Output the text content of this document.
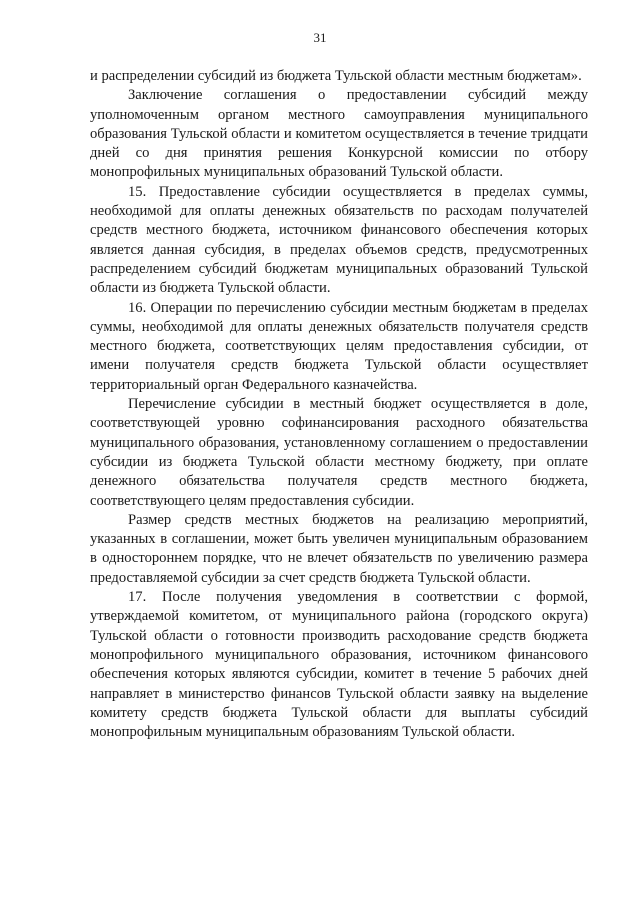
31

и распределении субсидий из бюджета Тульской области местным бюджетам».

Заключение соглашения о предоставлении субсидий между уполномоченным органом местного самоуправления муниципального образования Тульской области и комитетом осуществляется в течение тридцати дней со дня принятия решения Конкурсной комиссии по отбору монопрофильных муниципальных образований Тульской области.

15. Предоставление субсидии осуществляется в пределах суммы, необходимой для оплаты денежных обязательств по расходам получателей средств местного бюджета, источником финансового обеспечения которых является данная субсидия, в пределах объемов средств, предусмотренных распределением субсидий бюджетам муниципальных образований Тульской области из бюджета Тульской области.

16. Операции по перечислению субсидии местным бюджетам в пределах суммы, необходимой для оплаты денежных обязательств получателя средств местного бюджета, соответствующих целям предоставления субсидии, от имени получателя средств бюджета Тульской области осуществляет территориальный орган Федерального казначейства.

Перечисление субсидии в местный бюджет осуществляется в доле, соответствующей уровню софинансирования расходного обязательства муниципального образования, установленному соглашением о предоставлении субсидии из бюджета Тульской области местному бюджету, при оплате денежного обязательства получателя средств местного бюджета, соответствующего целям предоставления субсидии.

Размер средств местных бюджетов на реализацию мероприятий, указанных в соглашении, может быть увеличен муниципальным образованием в одностороннем порядке, что не влечет обязательств по увеличению размера предоставляемой субсидии за счет средств бюджета Тульской области.

17. После получения уведомления в соответствии с формой, утверждаемой комитетом, от муниципального района (городского округа) Тульской области о готовности производить расходование средств бюджета монопрофильного муниципального образования, источником финансового обеспечения которых являются субсидии, комитет в течение 5 рабочих дней направляет в министерство финансов Тульской области заявку на выделение комитету средств бюджета Тульской области для выплаты субсидий монопрофильным муниципальным образованиям Тульской области.
